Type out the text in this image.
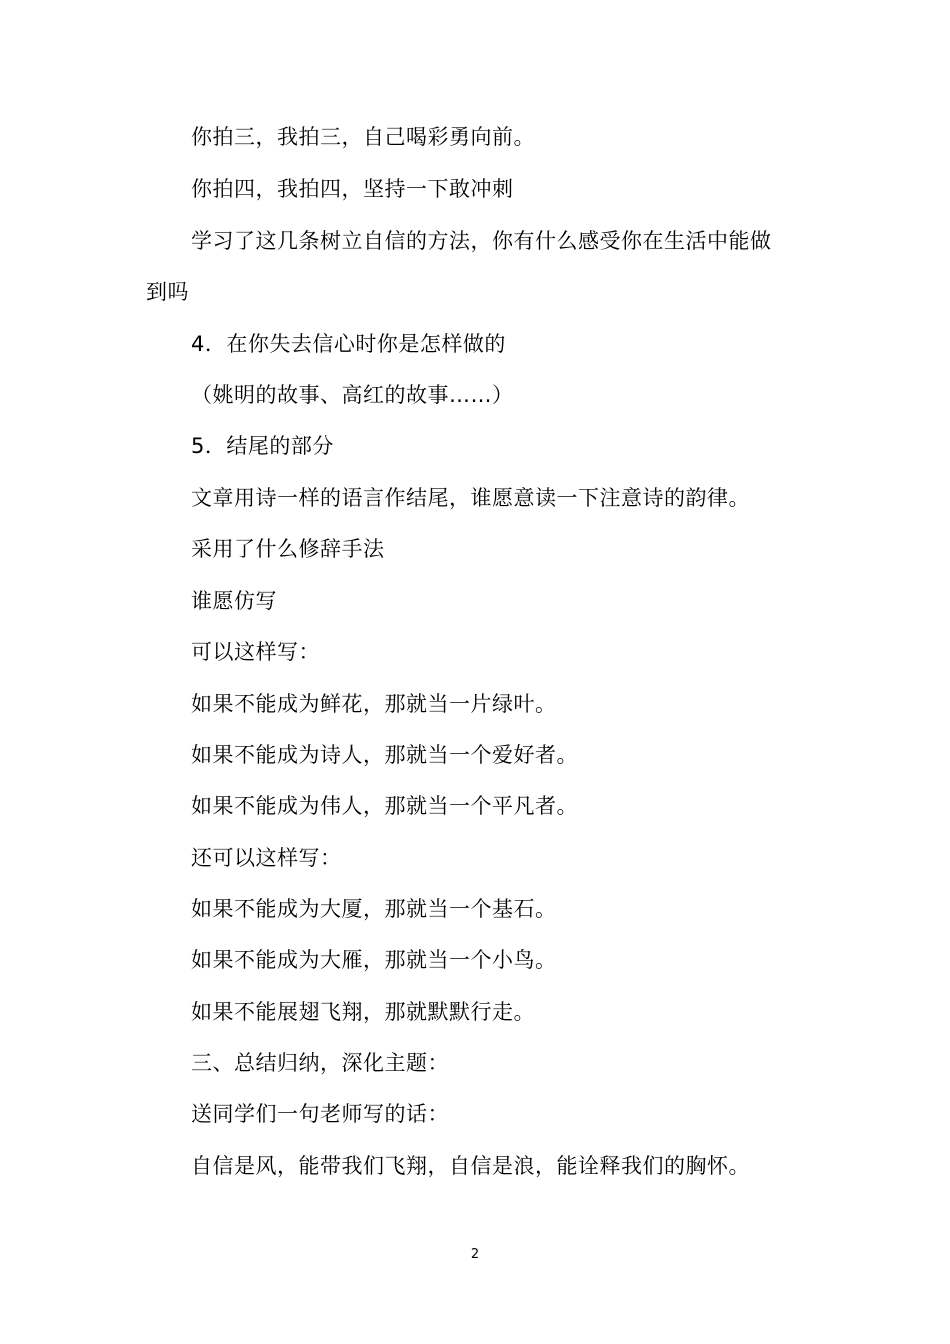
你拍三，我拍三，自己喝彩勇向前。
你拍四，我拍四，坚持一下敢冲刺
学习了这几条树立自信的方法，你有什么感受你在生活中能做
到吗
4．在你失去信心时你是怎样做的
（姚明的故事、高红的故事……）
5．结尾的部分
文章用诗一样的语言作结尾，谁愿意读一下注意诗的韵律。
采用了什么修辞手法
谁愿仿写
可以这样写：
如果不能成为鲜花，那就当一片绿叶。
如果不能成为诗人，那就当一个爱好者。
如果不能成为伟人，那就当一个平凡者。
还可以这样写：
如果不能成为大厦，那就当一个基石。
如果不能成为大雁，那就当一个小鸟。
如果不能展翅飞翔，那就默默行走。
三、总结归纳，深化主题：
送同学们一句老师写的话：
自信是风，能带我们飞翔，自信是浪，能诠释我们的胸怀。
2
